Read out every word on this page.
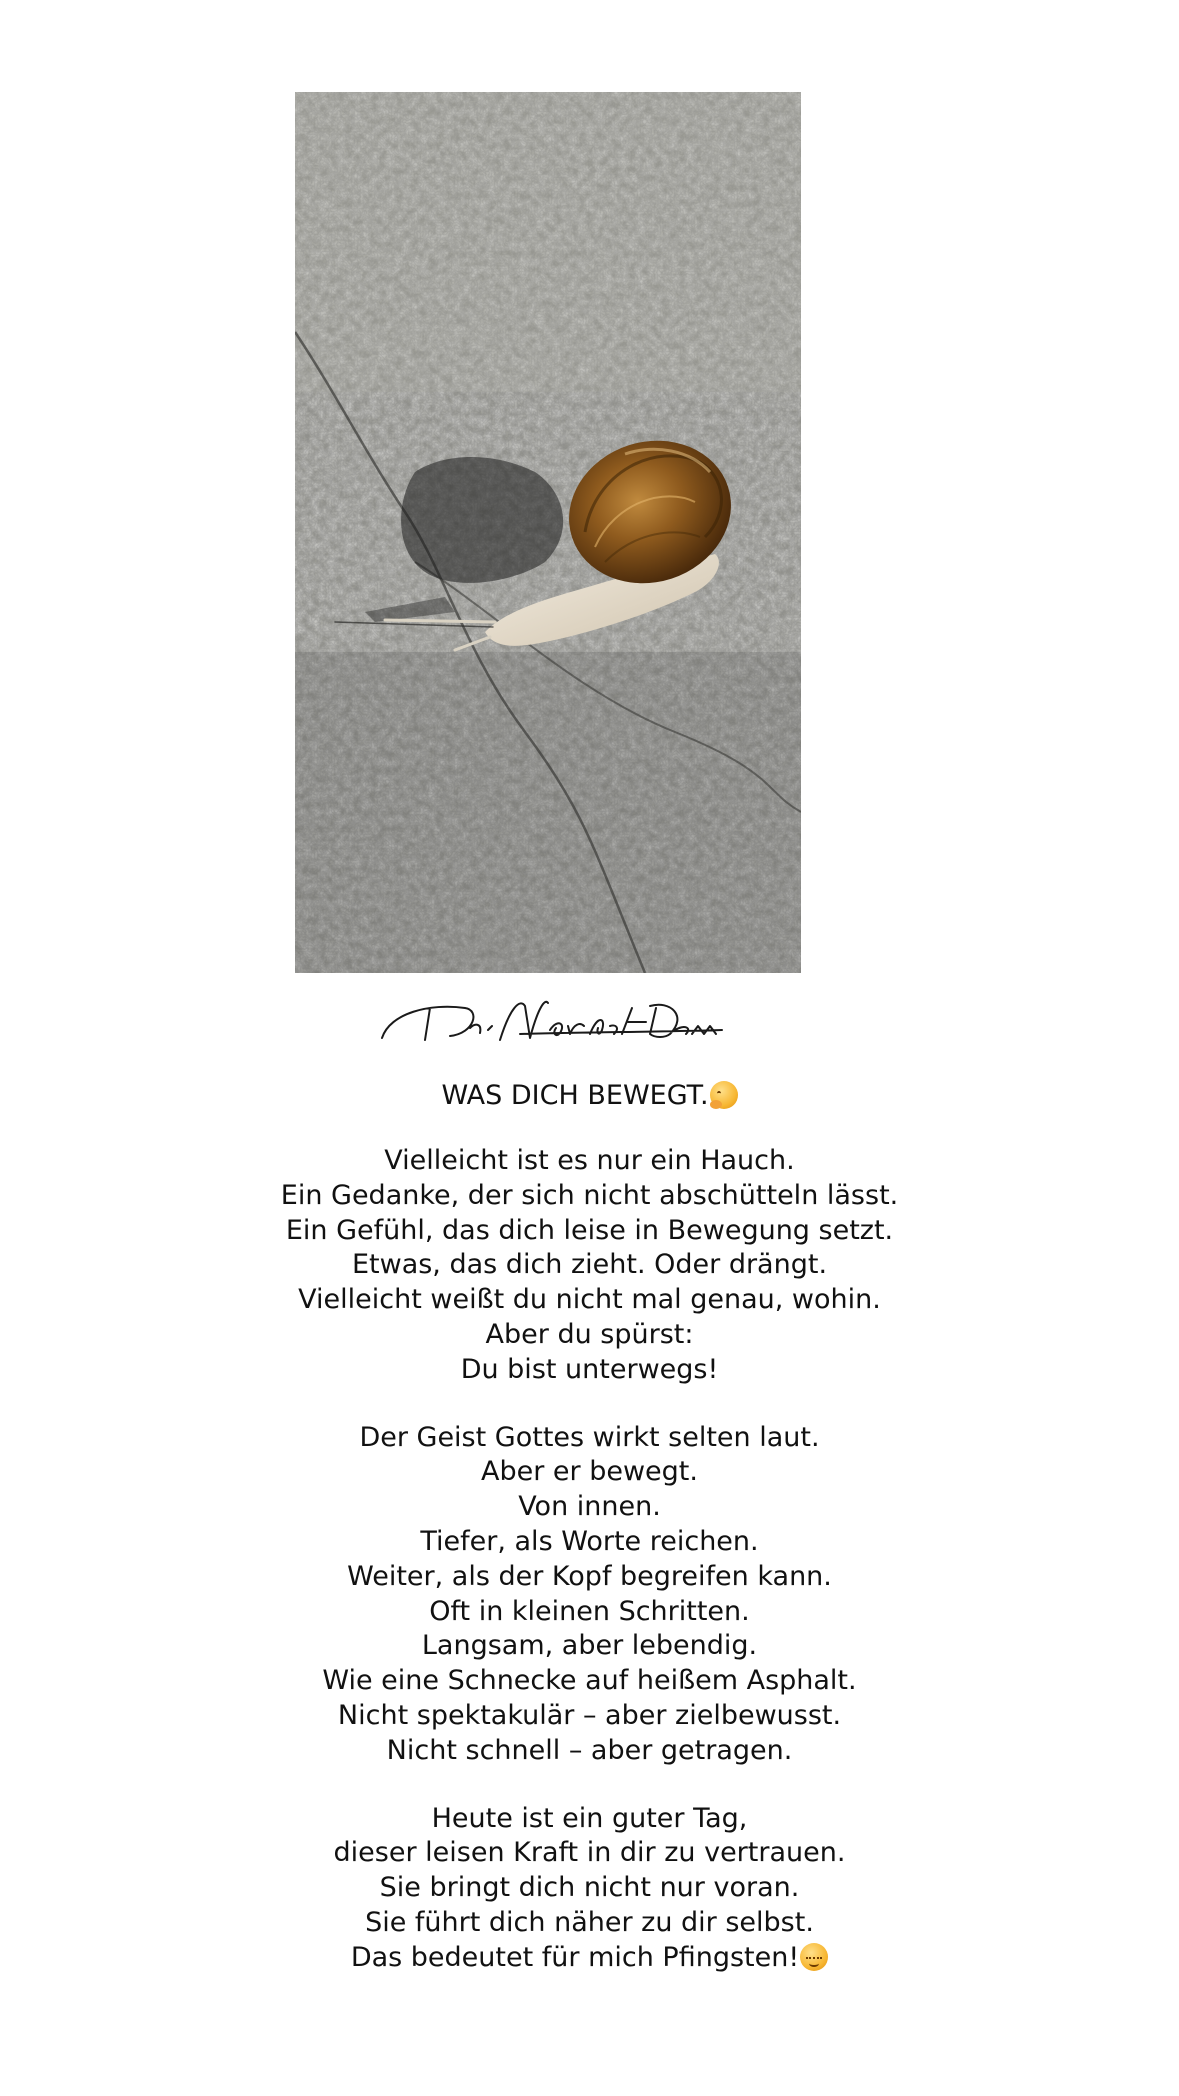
WAS DICH BEWEGT.
Vielleicht ist es nur ein Hauch.
Ein Gedanke, der sich nicht abschütteln lässt.
Ein Gefühl, das dich leise in Bewegung setzt.
Etwas, das dich zieht. Oder drängt.
Vielleicht weißt du nicht mal genau, wohin.
Aber du spürst:
Du bist unterwegs!
Der Geist Gottes wirkt selten laut.
Aber er bewegt.
Von innen.
Tiefer, als Worte reichen.
Weiter, als der Kopf begreifen kann.
Oft in kleinen Schritten.
Langsam, aber lebendig.
Wie eine Schnecke auf heißem Asphalt.
Nicht spektakulär – aber zielbewusst.
Nicht schnell – aber getragen.
Heute ist ein guter Tag,
dieser leisen Kraft in dir zu vertrauen.
Sie bringt dich nicht nur voran.
Sie führt dich näher zu dir selbst.
Das bedeutet für mich Pfingsten!
